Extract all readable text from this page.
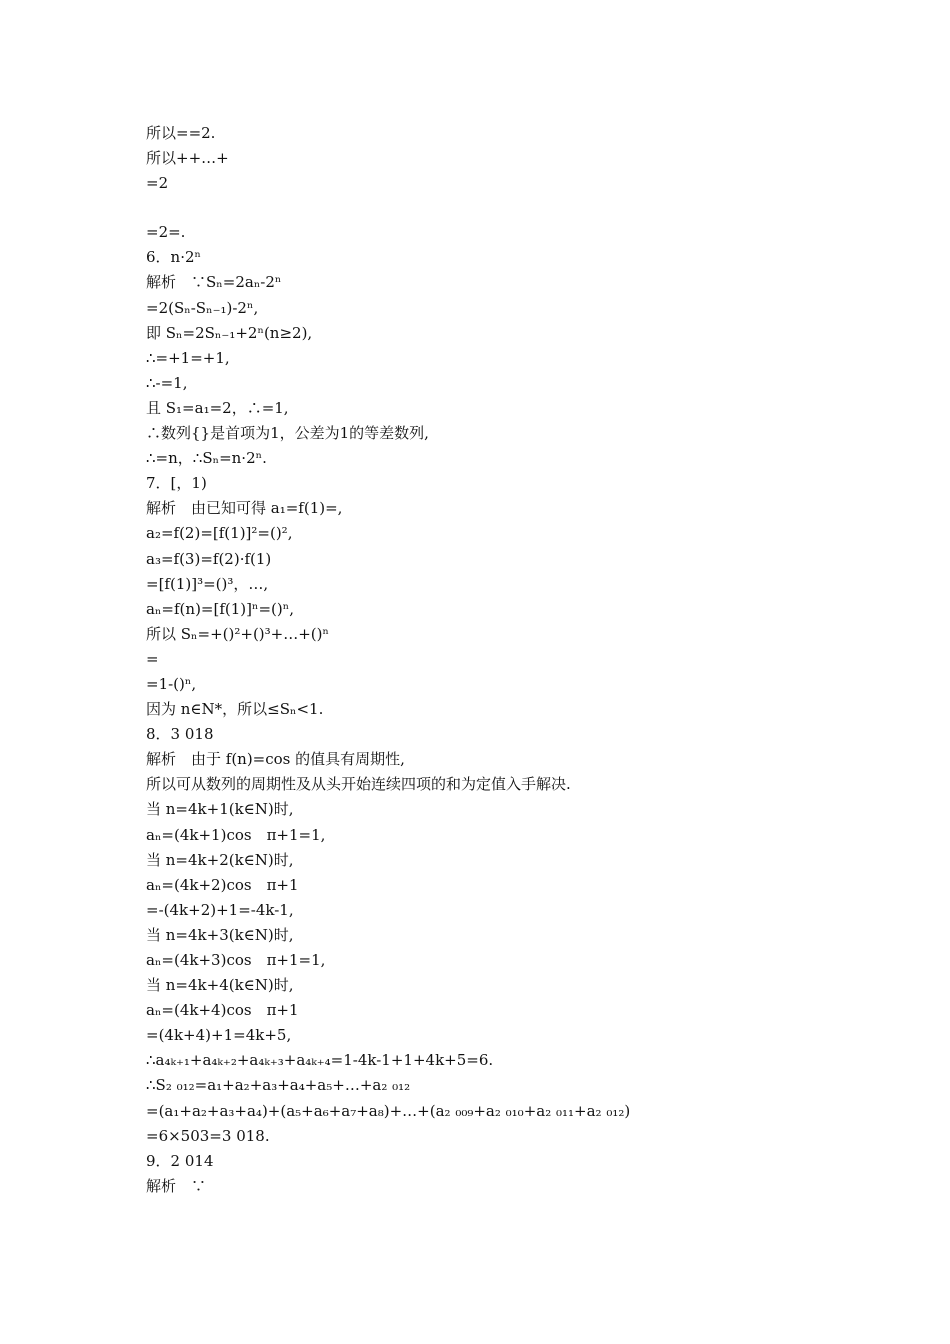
所以==2.
所以++…+
=2
=2=.
6．n·2ⁿ
解析　∵Sₙ=2aₙ-2ⁿ
=2(Sₙ-Sₙ₋₁)-2ⁿ,
即 Sₙ=2Sₙ₋₁+2ⁿ(n≥2),
∴=+1=+1,
∴-=1,
且 S₁=a₁=2，∴=1,
∴数列{}是首项为1，公差为1的等差数列,
∴=n，∴Sₙ=n·2ⁿ.
7．[，1)
解析　由已知可得 a₁=f(1)=,
a₂=f(2)=[f(1)]²=()²,
a₃=f(3)=f(2)·f(1)
=[f(1)]³=()³，…,
aₙ=f(n)=[f(1)]ⁿ=()ⁿ,
所以 Sₙ=+()²+()³+…+()ⁿ
=
=1-()ⁿ,
因为 n∈N*，所以≤Sₙ<1.
8．3 018
解析　由于 f(n)=cos 的值具有周期性,
所以可从数列的周期性及从头开始连续四项的和为定值入手解决.
当 n=4k+1(k∈N)时,
aₙ=(4k+1)cos　π+1=1,
当 n=4k+2(k∈N)时,
aₙ=(4k+2)cos　π+1
=-(4k+2)+1=-4k-1,
当 n=4k+3(k∈N)时,
aₙ=(4k+3)cos　π+1=1,
当 n=4k+4(k∈N)时,
aₙ=(4k+4)cos　π+1
=(4k+4)+1=4k+5,
∴a₄ₖ₊₁+a₄ₖ₊₂+a₄ₖ₊₃+a₄ₖ₊₄=1-4k-1+1+4k+5=6.
∴S₂ ₀₁₂=a₁+a₂+a₃+a₄+a₅+…+a₂ ₀₁₂
=(a₁+a₂+a₃+a₄)+(a₅+a₆+a₇+a₈)+…+(a₂ ₀₀₉+a₂ ₀₁₀+a₂ ₀₁₁+a₂ ₀₁₂)
=6×503=3 018.
9．2 014
解析　∵
